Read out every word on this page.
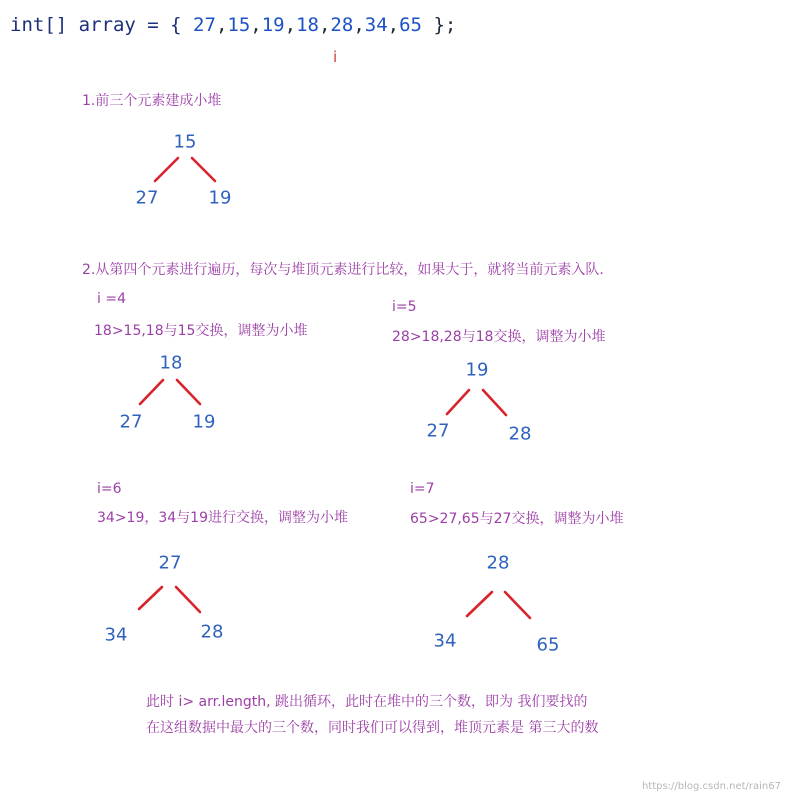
int[] array = { 27,15,19,18,28,34,65 };
i
1.前三个元素建成小堆
2.从第四个元素进行遍历，每次与堆顶元素进行比较，如果大于，就将当前元素入队.
i =4
18>15,18与15交换，调整为小堆
i=5
28>18,28与18交换，调整为小堆
i=6
34>19，34与19进行交换，调整为小堆
i=7
65>27,65与27交换，调整为小堆
15
27	19
18
27	19
19
27	28
27
34	28
28
34	65
此时 i> arr.length, 跳出循环，此时在堆中的三个数，即为 我们要找的
在这组数据中最大的三个数，同时我们可以得到，堆顶元素是 第三大的数
https://blog.csdn.net/rain67
